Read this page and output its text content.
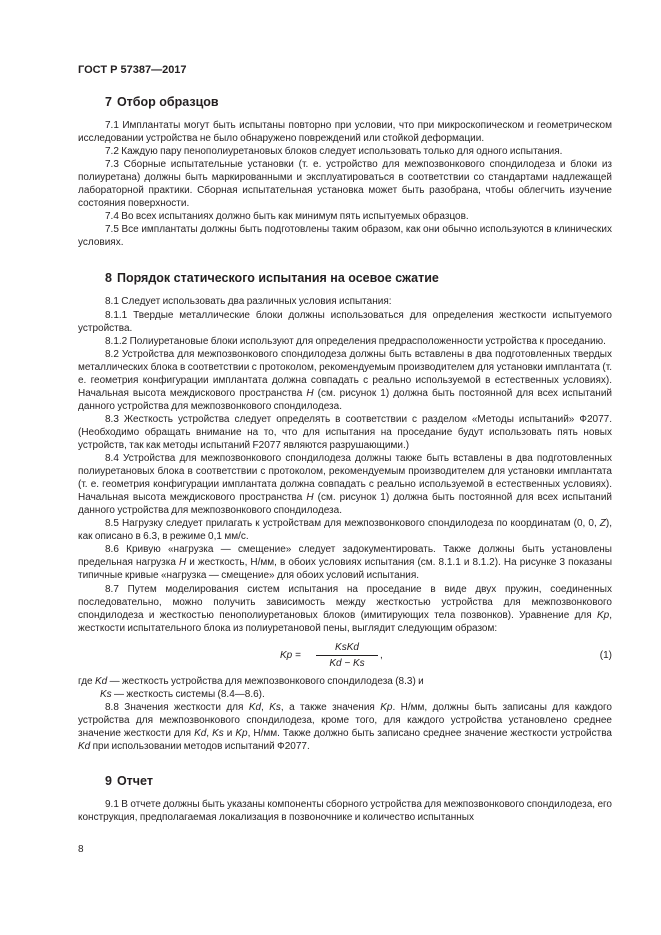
ГОСТ Р 57387—2017
7 Отбор образцов

7.1 Имплантаты могут быть испытаны повторно при условии, что при микроскопическом и геометрическом исследовании устройства не было обнаружено повреждений или стойкой деформации.

7.2 Каждую пару пенополиуретановых блоков следует использовать только для одного испытания.

7.3 Сборные испытательные установки (т. е. устройство для межпозвонкового спондилодеза и блоки из полиуретана) должны быть маркированными и эксплуатироваться в соответствии со стандартами надлежащей лабораторной практики. Сборная испытательная установка может быть разобрана, чтобы облегчить изучение состояния поверхности.

7.4 Во всех испытаниях должно быть как минимум пять испытуемых образцов.

7.5 Все имплантаты должны быть подготовлены таким образом, как они обычно используются в клинических условиях.

8 Порядок статического испытания на осевое сжатие

8.1 Следует использовать два различных условия испытания:

8.1.1 Твердые металлические блоки должны использоваться для определения жесткости испытуемого устройства.

8.1.2 Полиуретановые блоки используют для определения предрасположенности устройства к проседанию.

8.2 Устройства для межпозвонкового спондилодеза должны быть вставлены в два подготовленных твердых металлических блока в соответствии с протоколом, рекомендуемым производителем для установки имплантата (т. е. геометрия конфигурации имплантата должна совпадать с реально используемой в естественных условиях). Начальная высота междискового пространства H (см. рисунок 1) должна быть постоянной для всех испытаний данного устройства для межпозвонкового спондилодеза.

8.3 Жесткость устройства следует определять в соответствии с разделом «Методы испытаний» Ф2077. (Необходимо обращать внимание на то, что для испытания на проседание будут использовать пять новых устройств, так как методы испытаний F2077 являются разрушающими.)

8.4 Устройства для межпозвонкового спондилодеза должны также быть вставлены в два подготовленных полиуретановых блока в соответствии с протоколом, рекомендуемым производителем для установки имплантата (т. е. геометрия конфигурации имплантата должна совпадать с реально используемой в естественных условиях). Начальная высота междискового пространства H (см. рисунок 1) должна быть постоянной для всех испытаний данного устройства для межпозвонкового спондилодеза.

8.5 Нагрузку следует прилагать к устройствам для межпозвонкового спондилодеза по координатам (0, 0, Z), как описано в 6.3, в режиме 0,1 мм/с.

8.6 Кривую «нагрузка — смещение» следует задокументировать. Также должны быть установлены предельная нагрузка H и жесткость, Н/мм, в обоих условиях испытания (см. 8.1.1 и 8.1.2). На рисунке 3 показаны типичные кривые «нагрузка — смещение» для обоих условий испытания.

8.7 Путем моделирования систем испытания на проседание в виде двух пружин, соединенных последовательно, можно получить зависимость между жесткостью устройства для межпозвонкового спондилодеза и жесткостью пенополиуретановых блоков (имитирующих тела позвонков). Уравнение для Kp, жесткости испытательного блока из полиуретановой пены, выглядит следующим образом:

Kp =
KsKd
Kd − Ks
,	(1)

где Kd — жесткость устройства для межпозвонкового спондилодеза (8.3) и

Ks — жесткость системы (8.4—8.6).

8.8 Значения жесткости для Kd, Ks, а также значения Kp. Н/мм, должны быть записаны для каждого устройства для межпозвонкового спондилодеза, кроме того, для каждого устройства установлено среднее значение жесткости для Kd, Ks и Kp, Н/мм. Также должно быть записано среднее значение жесткости устройства Kd при использовании методов испытаний Ф2077.

9 Отчет

9.1 В отчете должны быть указаны компоненты сборного устройства для межпозвонкового спондилодеза, его конструкция, предполагаемая локализация в позвоночнике и количество испытанных

8
